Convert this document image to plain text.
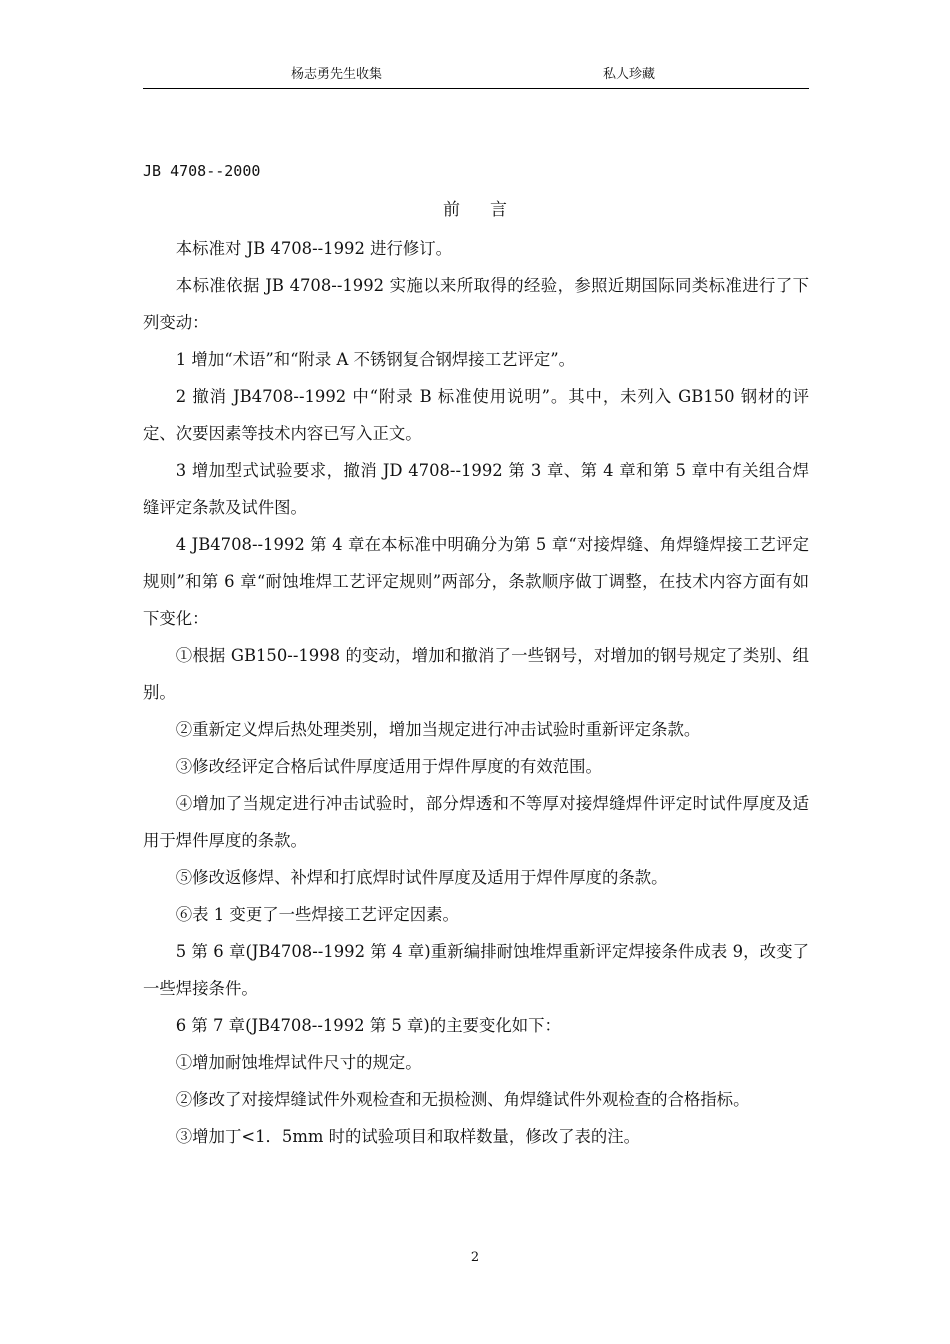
杨志勇先生收集	私人珍藏
JB 4708--2000
前言

本标准对 JB 4708--1992 进行修订。

本标准依据 JB 4708--1992 实施以来所取得的经验，参照近期国际同类标准进行了下列变动：

1 增加“术语”和“附录 A 不锈钢复合钢焊接工艺评定”。

2 撤消 JB4708--1992 中“附录 B 标准使用说明”。其中，未列入 GB150 钢材的评定、次要因素等技术内容已写入正文。

3 增加型式试验要求，撤消 JD 4708--1992 第 3 章、第 4 章和第 5 章中有关组合焊缝评定条款及试件图。

4 JB4708--1992 第 4 章在本标准中明确分为第 5 章“对接焊缝、角焊缝焊接工艺评定规则”和第 6 章“耐蚀堆焊工艺评定规则”两部分，条款顺序做丁调整，在技术内容方面有如下变化：

①根据 GB150--1998 的变动，增加和撤消了一些钢号，对增加的钢号规定了类别、组别。

②重新定义焊后热处理类别，增加当规定进行冲击试验时重新评定条款。

③修改经评定合格后试件厚度适用于焊件厚度的有效范围。

④增加了当规定进行冲击试验时，部分焊透和不等厚对接焊缝焊件评定时试件厚度及适用于焊件厚度的条款。

⑤修改返修焊、补焊和打底焊时试件厚度及适用于焊件厚度的条款。

⑥表 1 变更了一些焊接工艺评定因素。

5 第 6 章(JB4708--1992 第 4 章)重新编排耐蚀堆焊重新评定焊接条件成表 9，改变了一些焊接条件。

6 第 7 章(JB4708--1992 第 5 章)的主要变化如下：

①增加耐蚀堆焊试件尺寸的规定。

②修改了对接焊缝试件外观检查和无损检测、角焊缝试件外观检查的合格指标。

③增加丁<1．5mm 时的试验项目和取样数量，修改了表的注。

2
